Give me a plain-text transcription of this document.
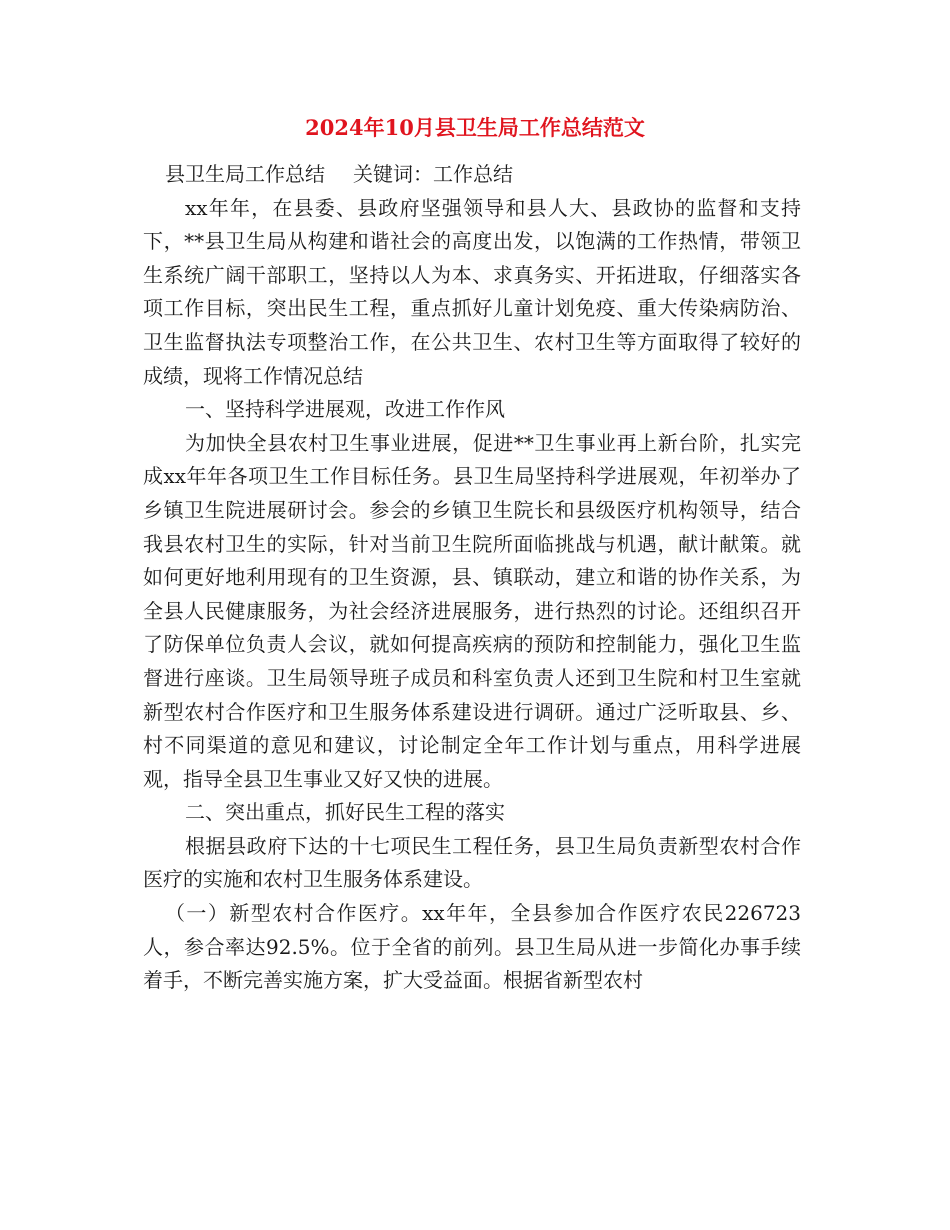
2024年10月县卫生局工作总结范文

县卫生局工作总结 关键词：工作总结

xx年年，在县委、县政府坚强领导和县人大、县政协的监督和支持下，**县卫生局从构建和谐社会的高度出发，以饱满的工作热情，带领卫生系统广阔干部职工，坚持以人为本、求真务实、开拓进取，仔细落实各项工作目标，突出民生工程，重点抓好儿童计划免疫、重大传染病防治、卫生监督执法专项整治工作，在公共卫生、农村卫生等方面取得了较好的成绩，现将工作情况总结

一、坚持科学进展观，改进工作作风

为加快全县农村卫生事业进展，促进**卫生事业再上新台阶，扎实完成xx年年各项卫生工作目标任务。县卫生局坚持科学进展观，年初举办了乡镇卫生院进展研讨会。参会的乡镇卫生院长和县级医疗机构领导，结合我县农村卫生的实际，针对当前卫生院所面临挑战与机遇，献计献策。就如何更好地利用现有的卫生资源，县、镇联动，建立和谐的协作关系，为全县人民健康服务，为社会经济进展服务，进行热烈的讨论。还组织召开了防保单位负责人会议，就如何提高疾病的预防和控制能力，强化卫生监督进行座谈。卫生局领导班子成员和科室负责人还到卫生院和村卫生室就新型农村合作医疗和卫生服务体系建设进行调研。通过广泛听取县、乡、村不同渠道的意见和建议，讨论制定全年工作计划与重点，用科学进展观，指导全县卫生事业又好又快的进展。

二、突出重点，抓好民生工程的落实

根据县政府下达的十七项民生工程任务，县卫生局负责新型农村合作医疗的实施和农村卫生服务体系建设。

（一）新型农村合作医疗。xx年年，全县参加合作医疗农民226723人，参合率达92.5%。位于全省的前列。县卫生局从进一步简化办事手续着手，不断完善实施方案，扩大受益面。根据省新型农村
